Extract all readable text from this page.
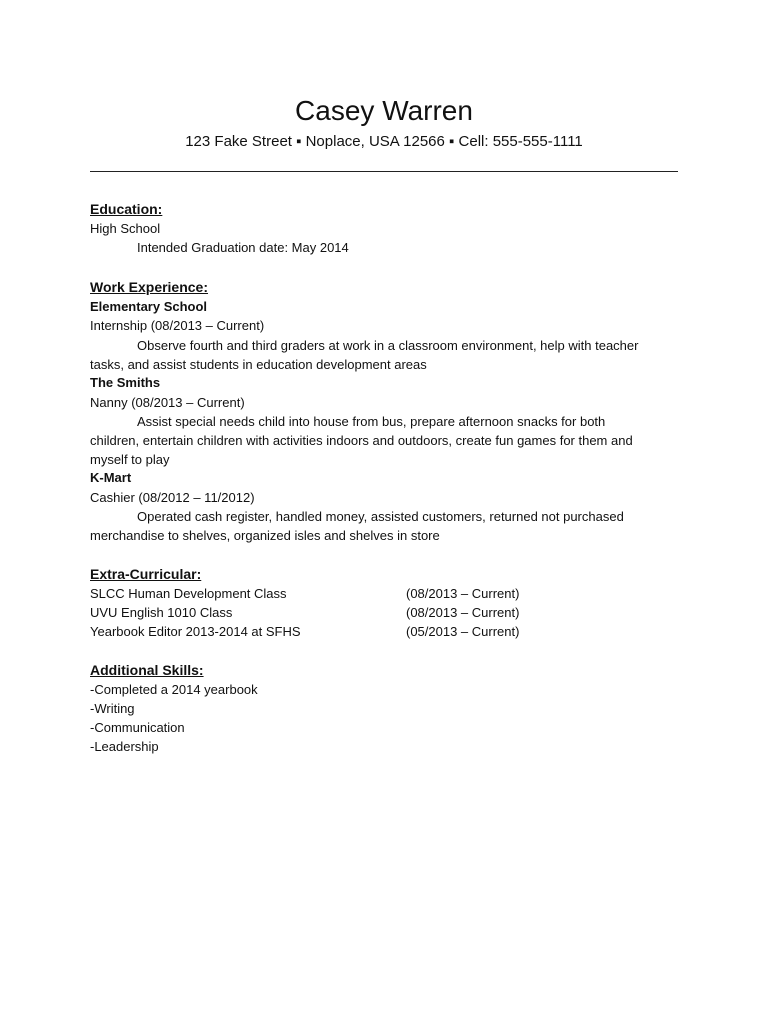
Casey Warren
123 Fake Street ▪ Noplace, USA 12566 ▪ Cell: 555-555-1111
Education:
High School
Intended Graduation date: May 2014
Work Experience:
Elementary School
Internship (08/2013 – Current)
Observe fourth and third graders at work in a classroom environment, help with teacher
tasks, and assist students in education development areas
The Smiths
Nanny (08/2013 – Current)
Assist special needs child into house from bus, prepare afternoon snacks for both
children, entertain children with activities indoors and outdoors, create fun games for them and
myself to play
K-Mart
Cashier (08/2012 – 11/2012)
Operated cash register, handled money, assisted customers, returned not purchased
merchandise to shelves, organized isles and shelves in store
Extra-Curricular:
SLCC Human Development Class	(08/2013 – Current)
UVU English 1010 Class	(08/2013 – Current)
Yearbook Editor 2013-2014 at SFHS	(05/2013 – Current)
Additional Skills:
-Completed a 2014 yearbook
-Writing
-Communication
-Leadership
